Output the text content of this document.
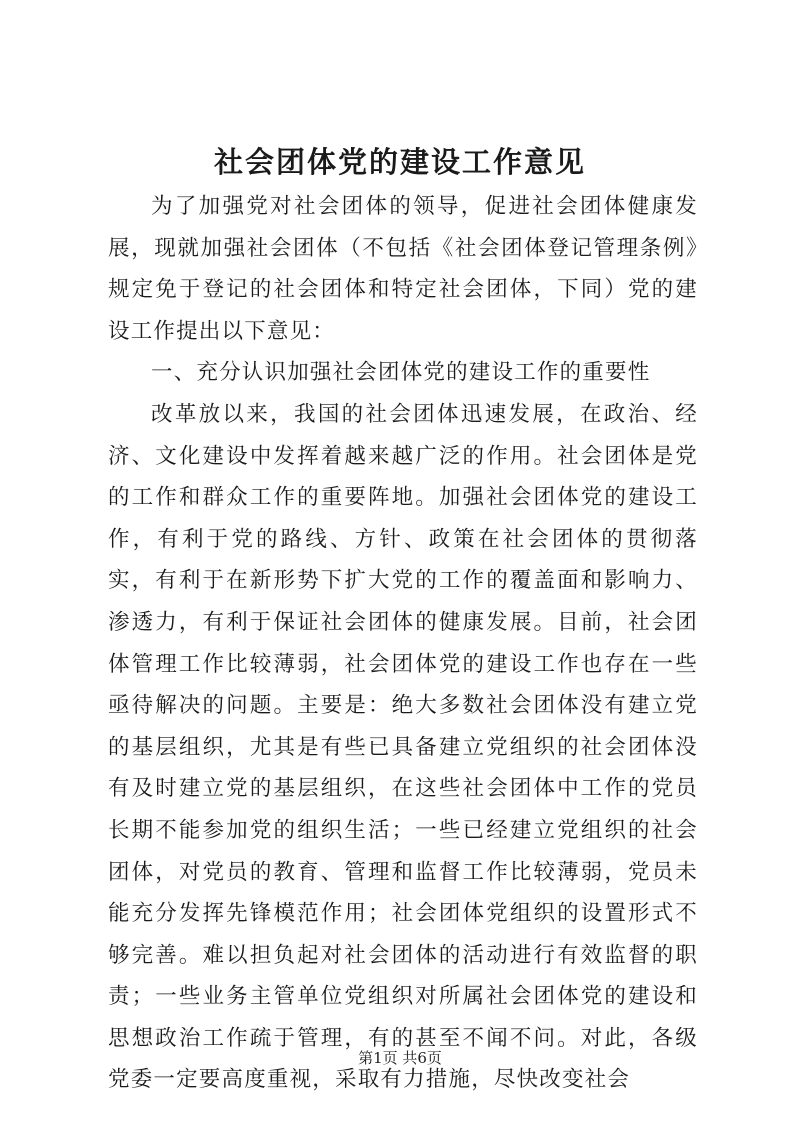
社会团体党的建设工作意见

为了加强党对社会团体的领导，促进社会团体健康发展，现就加强社会团体（不包括《社会团体登记管理条例》规定免于登记的社会团体和特定社会团体，下同）党的建设工作提出以下意见：

一、充分认识加强社会团体党的建设工作的重要性

改革放以来，我国的社会团体迅速发展，在政治、经济、文化建设中发挥着越来越广泛的作用。社会团体是党的工作和群众工作的重要阵地。加强社会团体党的建设工作，有利于党的路线、方针、政策在社会团体的贯彻落实，有利于在新形势下扩大党的工作的覆盖面和影响力、渗透力，有利于保证社会团体的健康发展。目前，社会团体管理工作比较薄弱，社会团体党的建设工作也存在一些亟待解决的问题。主要是：绝大多数社会团体没有建立党的基层组织，尤其是有些已具备建立党组织的社会团体没有及时建立党的基层组织，在这些社会团体中工作的党员长期不能参加党的组织生活；一些已经建立党组织的社会团体，对党员的教育、管理和监督工作比较薄弱，党员未能充分发挥先锋模范作用；社会团体党组织的设置形式不够完善。难以担负起对社会团体的活动进行有效监督的职责；一些业务主管单位党组织对所属社会团体党的建设和思想政治工作疏于管理，有的甚至不闻不问。对此，各级党委一定要高度重视，采取有力措施，尽快改变社会

第1页 共6页
